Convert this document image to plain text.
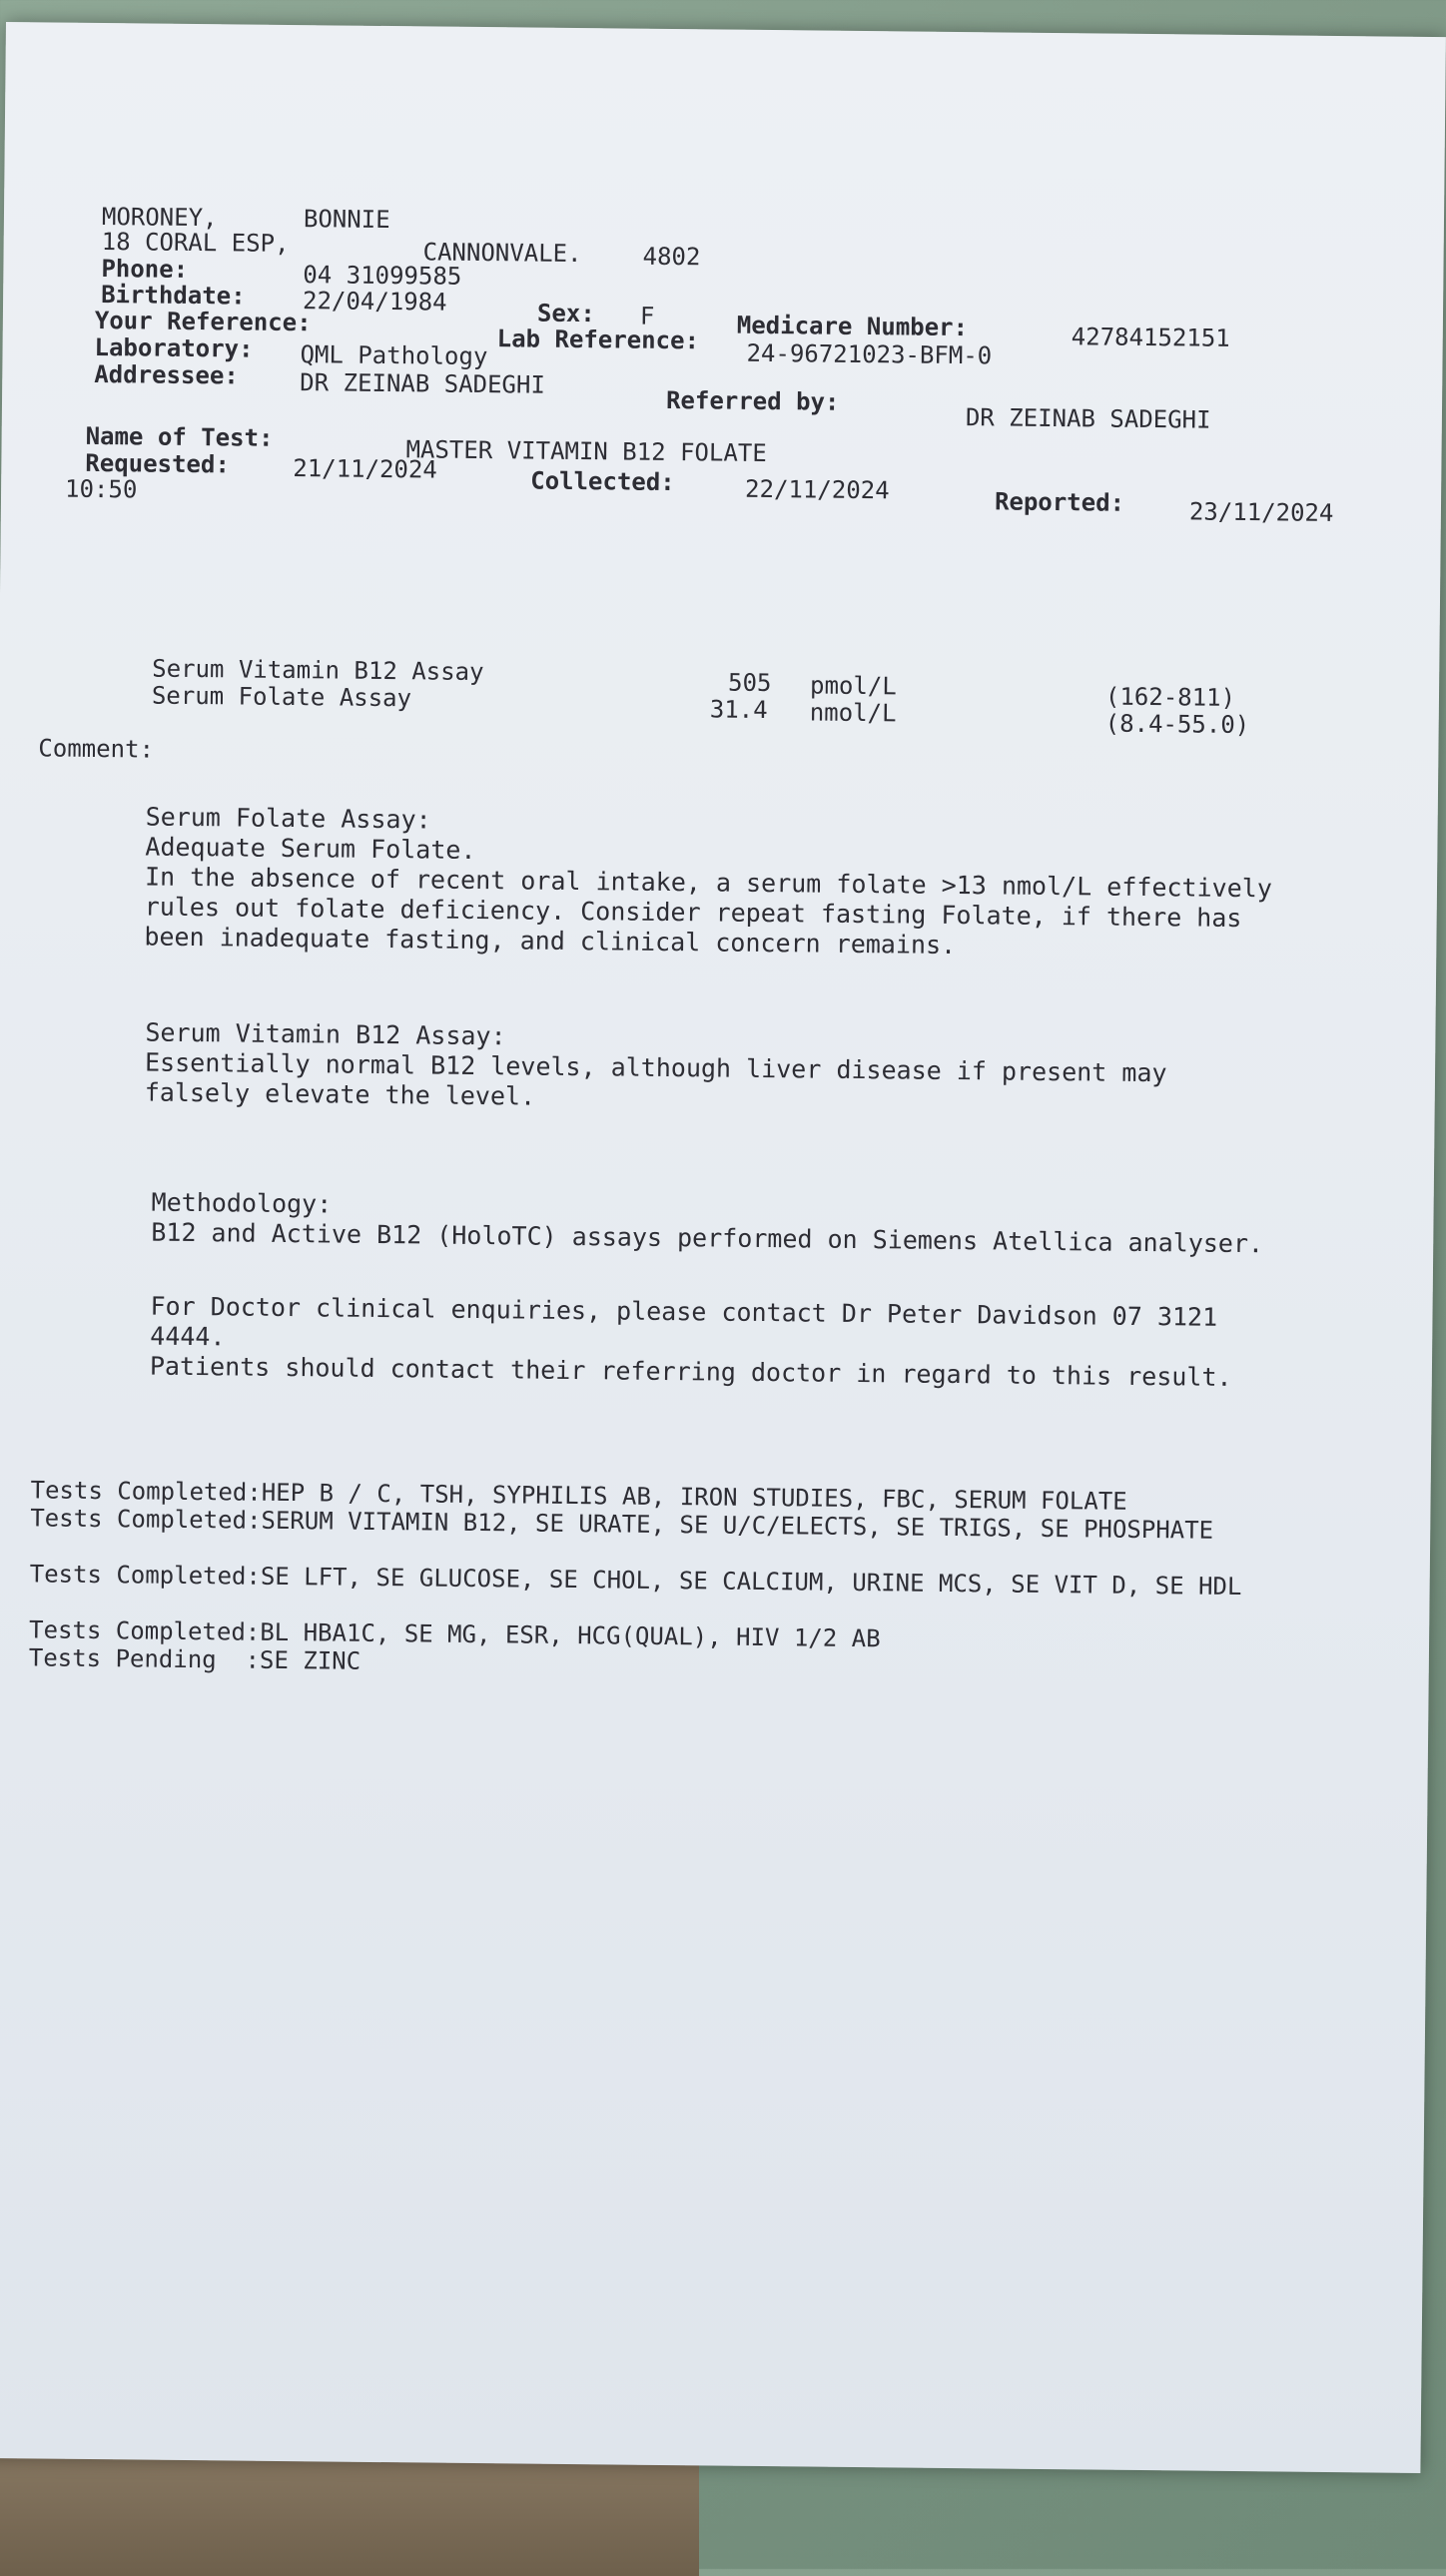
MORONEY,	BONNIE
18 CORAL ESP,	CANNONVALE.	4802
Phone:	04 31099585
Birthdate: 22/04/1984	Sex: F	Medicare Number:	42784152151
Your Reference:
Lab Reference: 24-96721023-BFM-0
Laboratory: QML Pathology
Addressee:	DR ZEINAB SADEGHI
Referred by:
DR ZEINAB SADEGHI
Name of Test:	MASTER VITAMIN B12 FOLATE
Requested:	21/11/2024
10:50	Collected:	22/11/2024	Reported:	23/11/2024
Serum Vitamin B12 Assay	505 pmol/L	(162-811)
Serum Folate Assay	31.4 nmol/L	(8.4-55.0)
Comment:
Serum Folate Assay:
Adequate Serum Folate.
In the absence of recent oral intake, a serum folate >13 nmol/L effectively rules out folate deficiency. Consider repeat fasting Folate, if there has been inadequate fasting, and clinical concern remains.
Serum Vitamin B12 Assay:
Essentially normal B12 levels, although liver disease if present may falsely elevate the level.
Methodology:
B12 and Active B12 (HoloTC) assays performed on Siemens Atellica analyser.
For Doctor clinical enquiries, please contact Dr Peter Davidson 07 3121 4444.
Patients should contact their referring doctor in regard to this result.
Tests Completed:HEP B / C, TSH, SYPHILIS AB, IRON STUDIES, FBC, SERUM FOLATE
Tests Completed:SERUM VITAMIN B12, SE URATE, SE U/C/ELECTS, SE TRIGS, SE PHOSPHATE
Tests Completed:SE LFT, SE GLUCOSE, SE CHOL, SE CALCIUM, URINE MCS, SE VIT D, SE HDL
Tests Completed:BL HBA1C, SE MG, ESR, HCG(QUAL), HIV 1/2 AB
Tests Pending  :SE ZINC
